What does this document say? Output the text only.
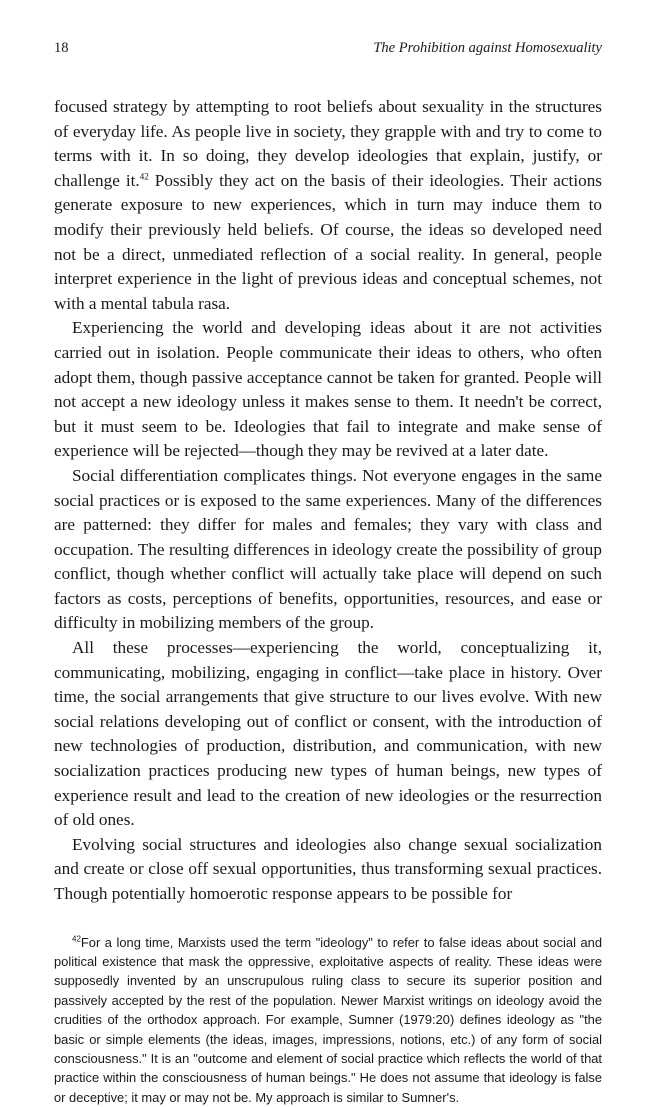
18	The Prohibition against Homosexuality

focused strategy by attempting to root beliefs about sexuality in the structures of everyday life. As people live in society, they grapple with and try to come to terms with it. In so doing, they develop ideologies that explain, justify, or challenge it.$^{42}$ Possibly they act on the basis of their ideologies. Their actions generate exposure to new experiences, which in turn may induce them to modify their previously held beliefs. Of course, the ideas so developed need not be a direct, unmediated reflection of a social reality. In general, people interpret experience in the light of previous ideas and conceptual schemes, not with a mental tabula rasa.

Experiencing the world and developing ideas about it are not activities carried out in isolation. People communicate their ideas to others, who often adopt them, though passive acceptance cannot be taken for granted. People will not accept a new ideology unless it makes sense to them. It needn't be correct, but it must seem to be. Ideologies that fail to integrate and make sense of experience will be rejected—though they may be revived at a later date.

Social differentiation complicates things. Not everyone engages in the same social practices or is exposed to the same experiences. Many of the differences are patterned: they differ for males and females; they vary with class and occupation. The resulting differences in ideology create the possibility of group conflict, though whether conflict will actually take place will depend on such factors as costs, perceptions of benefits, opportunities, resources, and ease or difficulty in mobilizing members of the group.

All these processes—experiencing the world, conceptualizing it, communicating, mobilizing, engaging in conflict—take place in history. Over time, the social arrangements that give structure to our lives evolve. With new social relations developing out of conflict or consent, with the introduction of new technologies of production, distribution, and communication, with new socialization practices producing new types of human beings, new types of experience result and lead to the creation of new ideologies or the resurrection of old ones.

Evolving social structures and ideologies also change sexual socialization and create or close off sexual opportunities, thus transforming sexual practices. Though potentially homoerotic response appears to be possible for

$^{42}$For a long time, Marxists used the term "ideology" to refer to false ideas about social and political existence that mask the oppressive, exploitative aspects of reality. These ideas were supposedly invented by an unscrupulous ruling class to secure its superior position and passively accepted by the rest of the population. Newer Marxist writings on ideology avoid the crudities of the orthodox approach. For example, Sumner (1979:20) defines ideology as "the basic or simple elements (the ideas, images, impressions, notions, etc.) of any form of social consciousness." It is an "outcome and element of social practice which reflects the world of that practice within the consciousness of human beings." He does not assume that ideology is false or deceptive; it may or may not be. My approach is similar to Sumner's.
